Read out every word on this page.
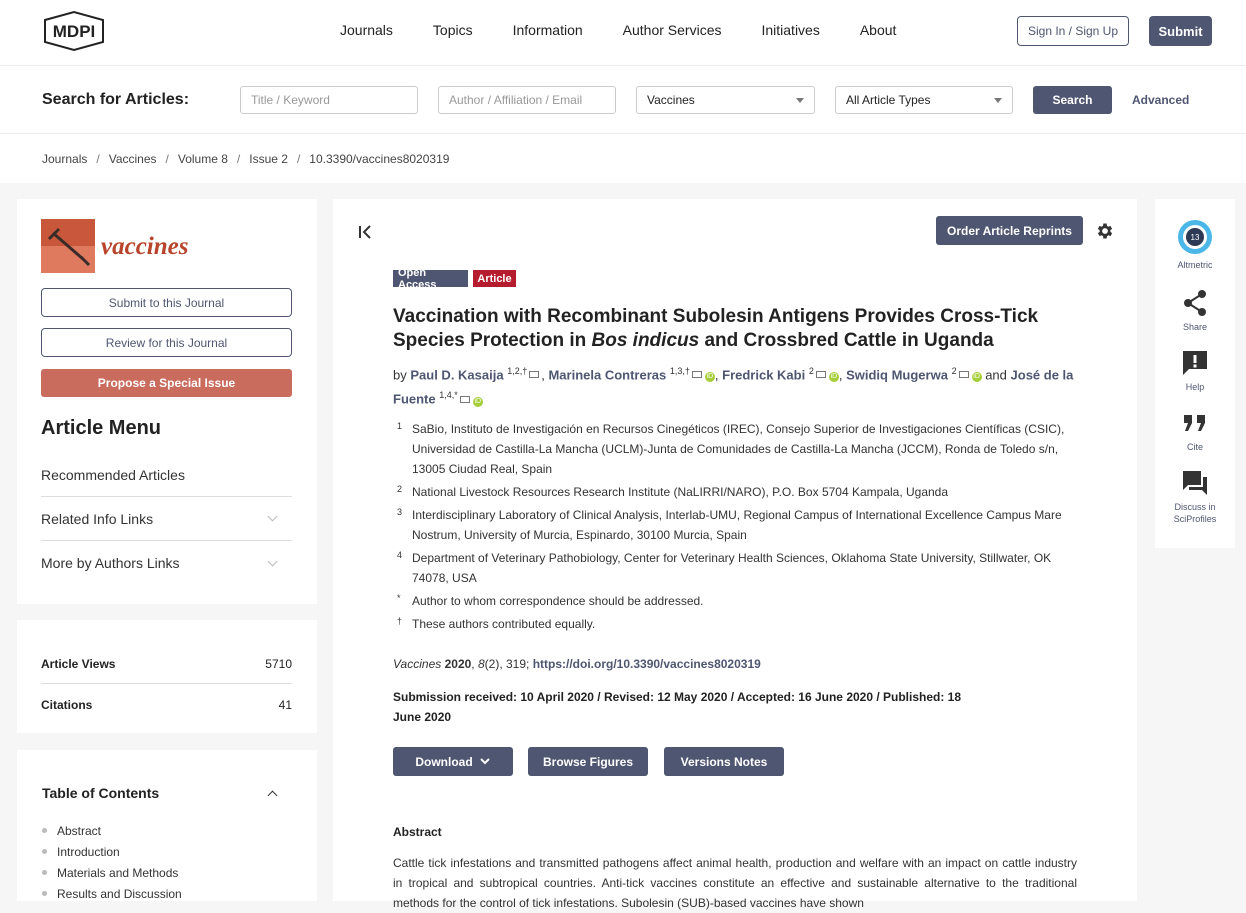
MDPI	Journals	Topics	Information	Author Services	Initiatives	About	Sign In / Sign Up	Submit
Search for Articles:	Title / Keyword	Author / Affiliation / Email	Vaccines	All Article Types	Search	Advanced
Journals / Vaccines / Volume 8 / Issue 2 / 10.3390/vaccines8020319
vaccines
Submit to this Journal
Review for this Journal
Propose a Special Issue
Article Menu
Recommended Articles
Related Info Links
More by Authors Links
Article Views	5710
Citations	41
Table of Contents
Abstract
Introduction
Materials and Methods
Results and Discussion
Order Article Reprints
Open Access	Article
Vaccination with Recombinant Subolesin Antigens Provides Cross-Tick Species Protection in Bos indicus and Crossbred Cattle in Uganda
by Paul D. Kasaija $^{1,2,\dagger}$ , Marinela Contreras $^{1,3,\dagger}$iD , Fredrick Kabi $^2$iD , Swidiq Mugerwa $^2$iD and José de la Fuente $^{1,4,*}$iD
1 SaBio, Instituto de Investigación en Recursos Cinegéticos (IREC), Consejo Superior de Investigaciones Científicas (CSIC), Universidad de Castilla-La Mancha (UCLM)-Junta de Comunidades de Castilla-La Mancha (JCCM), Ronda de Toledo s/n, 13005 Ciudad Real, Spain
2 National Livestock Resources Research Institute (NaLIRRI/NARO), P.O. Box 5704 Kampala, Uganda
3 Interdisciplinary Laboratory of Clinical Analysis, Interlab-UMU, Regional Campus of International Excellence Campus Mare Nostrum, University of Murcia, Espinardo, 30100 Murcia, Spain
4 Department of Veterinary Pathobiology, Center for Veterinary Health Sciences, Oklahoma State University, Stillwater, OK 74078, USA
* Author to whom correspondence should be addressed.
† These authors contributed equally.
Vaccines 2020, 8(2), 319; https://doi.org/10.3390/vaccines8020319
Submission received: 10 April 2020 / Revised: 12 May 2020 / Accepted: 16 June 2020 / Published: 18 June 2020
Download	Browse Figures	Versions Notes
Abstract
Cattle tick infestations and transmitted pathogens affect animal health, production and welfare with an impact on cattle industry in tropical and subtropical countries. Anti-tick vaccines constitute an effective and sustainable alternative to the traditional methods for the control of tick infestations. Subolesin (SUB)-based vaccines have shown
13
Altmetric
Share
Help
Cite
Discuss in SciProfiles
